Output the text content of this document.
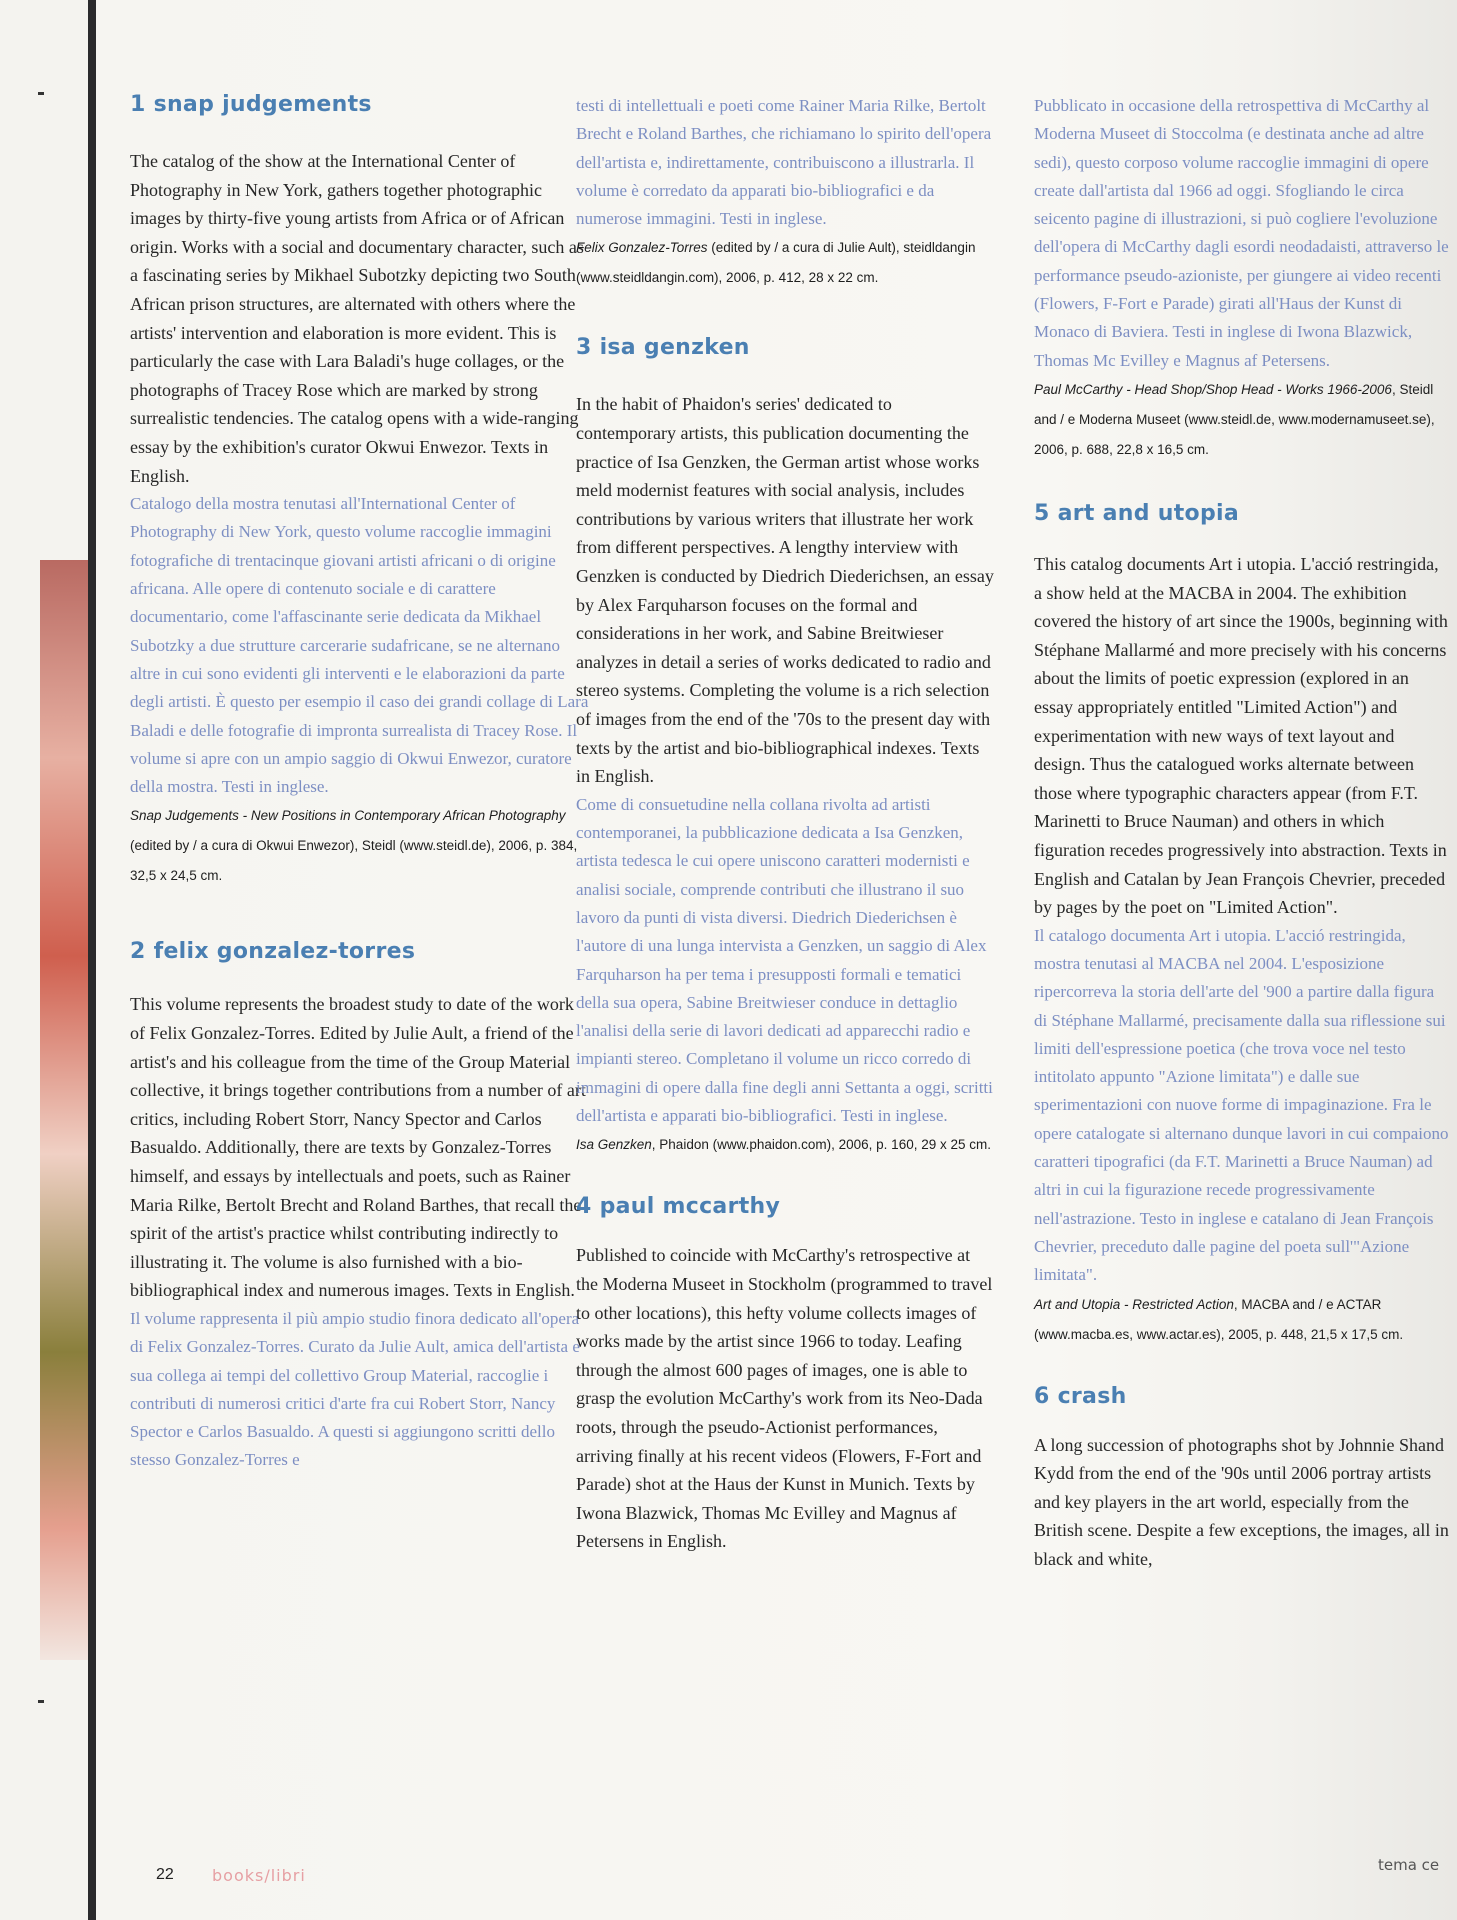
1 snap judgements

The catalog of the show at the International Center of Photography in New York, gathers together photographic images by thirty-five young artists from Africa or of African origin. Works with a social and documentary character, such as a fascinating series by Mikhael Subotzky depicting two South African prison structures, are alternated with others where the artists' intervention and elaboration is more evident. This is particularly the case with Lara Baladi's huge collages, or the photographs of Tracey Rose which are marked by strong surrealistic tendencies. The catalog opens with a wide-ranging essay by the exhibition's curator Okwui Enwezor. Texts in English.

Catalogo della mostra tenutasi all'International Center of Photography di New York, questo volume raccoglie immagini fotografiche di trentacinque giovani artisti africani o di origine africana. Alle opere di contenuto sociale e di carattere documentario, come l'affascinante serie dedicata da Mikhael Subotzky a due strutture carcerarie sudafricane, se ne alternano altre in cui sono evidenti gli interventi e le elaborazioni da parte degli artisti. È questo per esempio il caso dei grandi collage di Lara Baladi e delle fotografie di impronta surrealista di Tracey Rose. Il volume si apre con un ampio saggio di Okwui Enwezor, curatore della mostra. Testi in inglese.

Snap Judgements - New Positions in Contemporary African Photography (edited by / a cura di Okwui Enwezor), Steidl (www.steidl.de), 2006, p. 384, 32,5 x 24,5 cm.

2 felix gonzalez-torres

This volume represents the broadest study to date of the work of Felix Gonzalez-Torres. Edited by Julie Ault, a friend of the artist's and his colleague from the time of the Group Material collective, it brings together contributions from a number of art critics, including Robert Storr, Nancy Spector and Carlos Basualdo. Additionally, there are texts by Gonzalez-Torres himself, and essays by intellectuals and poets, such as Rainer Maria Rilke, Bertolt Brecht and Roland Barthes, that recall the spirit of the artist's practice whilst contributing indirectly to illustrating it. The volume is also furnished with a bio-bibliographical index and numerous images. Texts in English.

Il volume rappresenta il più ampio studio finora dedicato all'opera di Felix Gonzalez-Torres. Curato da Julie Ault, amica dell'artista e sua collega ai tempi del collettivo Group Material, raccoglie i contributi di numerosi critici d'arte fra cui Robert Storr, Nancy Spector e Carlos Basualdo. A questi si aggiungono scritti dello stesso Gonzalez-Torres e

testi di intellettuali e poeti come Rainer Maria Rilke, Bertolt Brecht e Roland Barthes, che richiamano lo spirito dell'opera dell'artista e, indirettamente, contribuiscono a illustrarla. Il volume è corredato da apparati bio-bibliografici e da numerose immagini. Testi in inglese.

Felix Gonzalez-Torres (edited by / a cura di Julie Ault), steidldangin (www.steidldangin.com), 2006, p. 412, 28 x 22 cm.

3 isa genzken

In the habit of Phaidon's series' dedicated to contemporary artists, this publication documenting the practice of Isa Genzken, the German artist whose works meld modernist features with social analysis, includes contributions by various writers that illustrate her work from different perspectives. A lengthy interview with Genzken is conducted by Diedrich Diederichsen, an essay by Alex Farquharson focuses on the formal and considerations in her work, and Sabine Breitwieser analyzes in detail a series of works dedicated to radio and stereo systems. Completing the volume is a rich selection of images from the end of the '70s to the present day with texts by the artist and bio-bibliographical indexes. Texts in English.

Come di consuetudine nella collana rivolta ad artisti contemporanei, la pubblicazione dedicata a Isa Genzken, artista tedesca le cui opere uniscono caratteri modernisti e analisi sociale, comprende contributi che illustrano il suo lavoro da punti di vista diversi. Diedrich Diederichsen è l'autore di una lunga intervista a Genzken, un saggio di Alex Farquharson ha per tema i presupposti formali e tematici della sua opera, Sabine Breitwieser conduce in dettaglio l'analisi della serie di lavori dedicati ad apparecchi radio e impianti stereo. Completano il volume un ricco corredo di immagini di opere dalla fine degli anni Settanta a oggi, scritti dell'artista e apparati bio-bibliografici. Testi in inglese.

Isa Genzken, Phaidon (www.phaidon.com), 2006, p. 160, 29 x 25 cm.

4 paul mccarthy

Published to coincide with McCarthy's retrospective at the Moderna Museet in Stockholm (programmed to travel to other locations), this hefty volume collects images of works made by the artist since 1966 to today. Leafing through the almost 600 pages of images, one is able to grasp the evolution McCarthy's work from its Neo-Dada roots, through the pseudo-Actionist performances, arriving finally at his recent videos (Flowers, F-Fort and Parade) shot at the Haus der Kunst in Munich. Texts by Iwona Blazwick, Thomas Mc Evilley and Magnus af Petersens in English.

Pubblicato in occasione della retrospettiva di McCarthy al Moderna Museet di Stoccolma (e destinata anche ad altre sedi), questo corposo volume raccoglie immagini di opere create dall'artista dal 1966 ad oggi. Sfogliando le circa seicento pagine di illustrazioni, si può cogliere l'evoluzione dell'opera di McCarthy dagli esordi neodadaisti, attraverso le performance pseudo-azioniste, per giungere ai video recenti (Flowers, F-Fort e Parade) girati all'Haus der Kunst di Monaco di Baviera. Testi in inglese di Iwona Blazwick, Thomas Mc Evilley e Magnus af Petersens.

Paul McCarthy - Head Shop/Shop Head - Works 1966-2006, Steidl and / e Moderna Museet (www.steidl.de, www.modernamuseet.se), 2006, p. 688, 22,8 x 16,5 cm.

5 art and utopia

This catalog documents Art i utopia. L'acció restringida, a show held at the MACBA in 2004. The exhibition covered the history of art since the 1900s, beginning with Stéphane Mallarmé and more precisely with his concerns about the limits of poetic expression (explored in an essay appropriately entitled "Limited Action") and experimentation with new ways of text layout and design. Thus the catalogued works alternate between those where typographic characters appear (from F.T. Marinetti to Bruce Nauman) and others in which figuration recedes progressively into abstraction. Texts in English and Catalan by Jean François Chevrier, preceded by pages by the poet on "Limited Action".

Il catalogo documenta Art i utopia. L'acció restringida, mostra tenutasi al MACBA nel 2004. L'esposizione ripercorreva la storia dell'arte del '900 a partire dalla figura di Stéphane Mallarmé, precisamente dalla sua riflessione sui limiti dell'espressione poetica (che trova voce nel testo intitolato appunto "Azione limitata") e dalle sue sperimentazioni con nuove forme di impaginazione. Fra le opere catalogate si alternano dunque lavori in cui compaiono caratteri tipografici (da F.T. Marinetti a Bruce Nauman) ad altri in cui la figurazione recede progressivamente nell'astrazione. Testo in inglese e catalano di Jean François Chevrier, preceduto dalle pagine del poeta sull'"Azione limitata".

Art and Utopia - Restricted Action, MACBA and / e ACTAR (www.macba.es, www.actar.es), 2005, p. 448, 21,5 x 17,5 cm.

6 crash

A long succession of photographs shot by Johnnie Shand Kydd from the end of the '90s until 2006 portray artists and key players in the art world, especially from the British scene. Despite a few exceptions, the images, all in black and white,

22 books/libri
tema ce
